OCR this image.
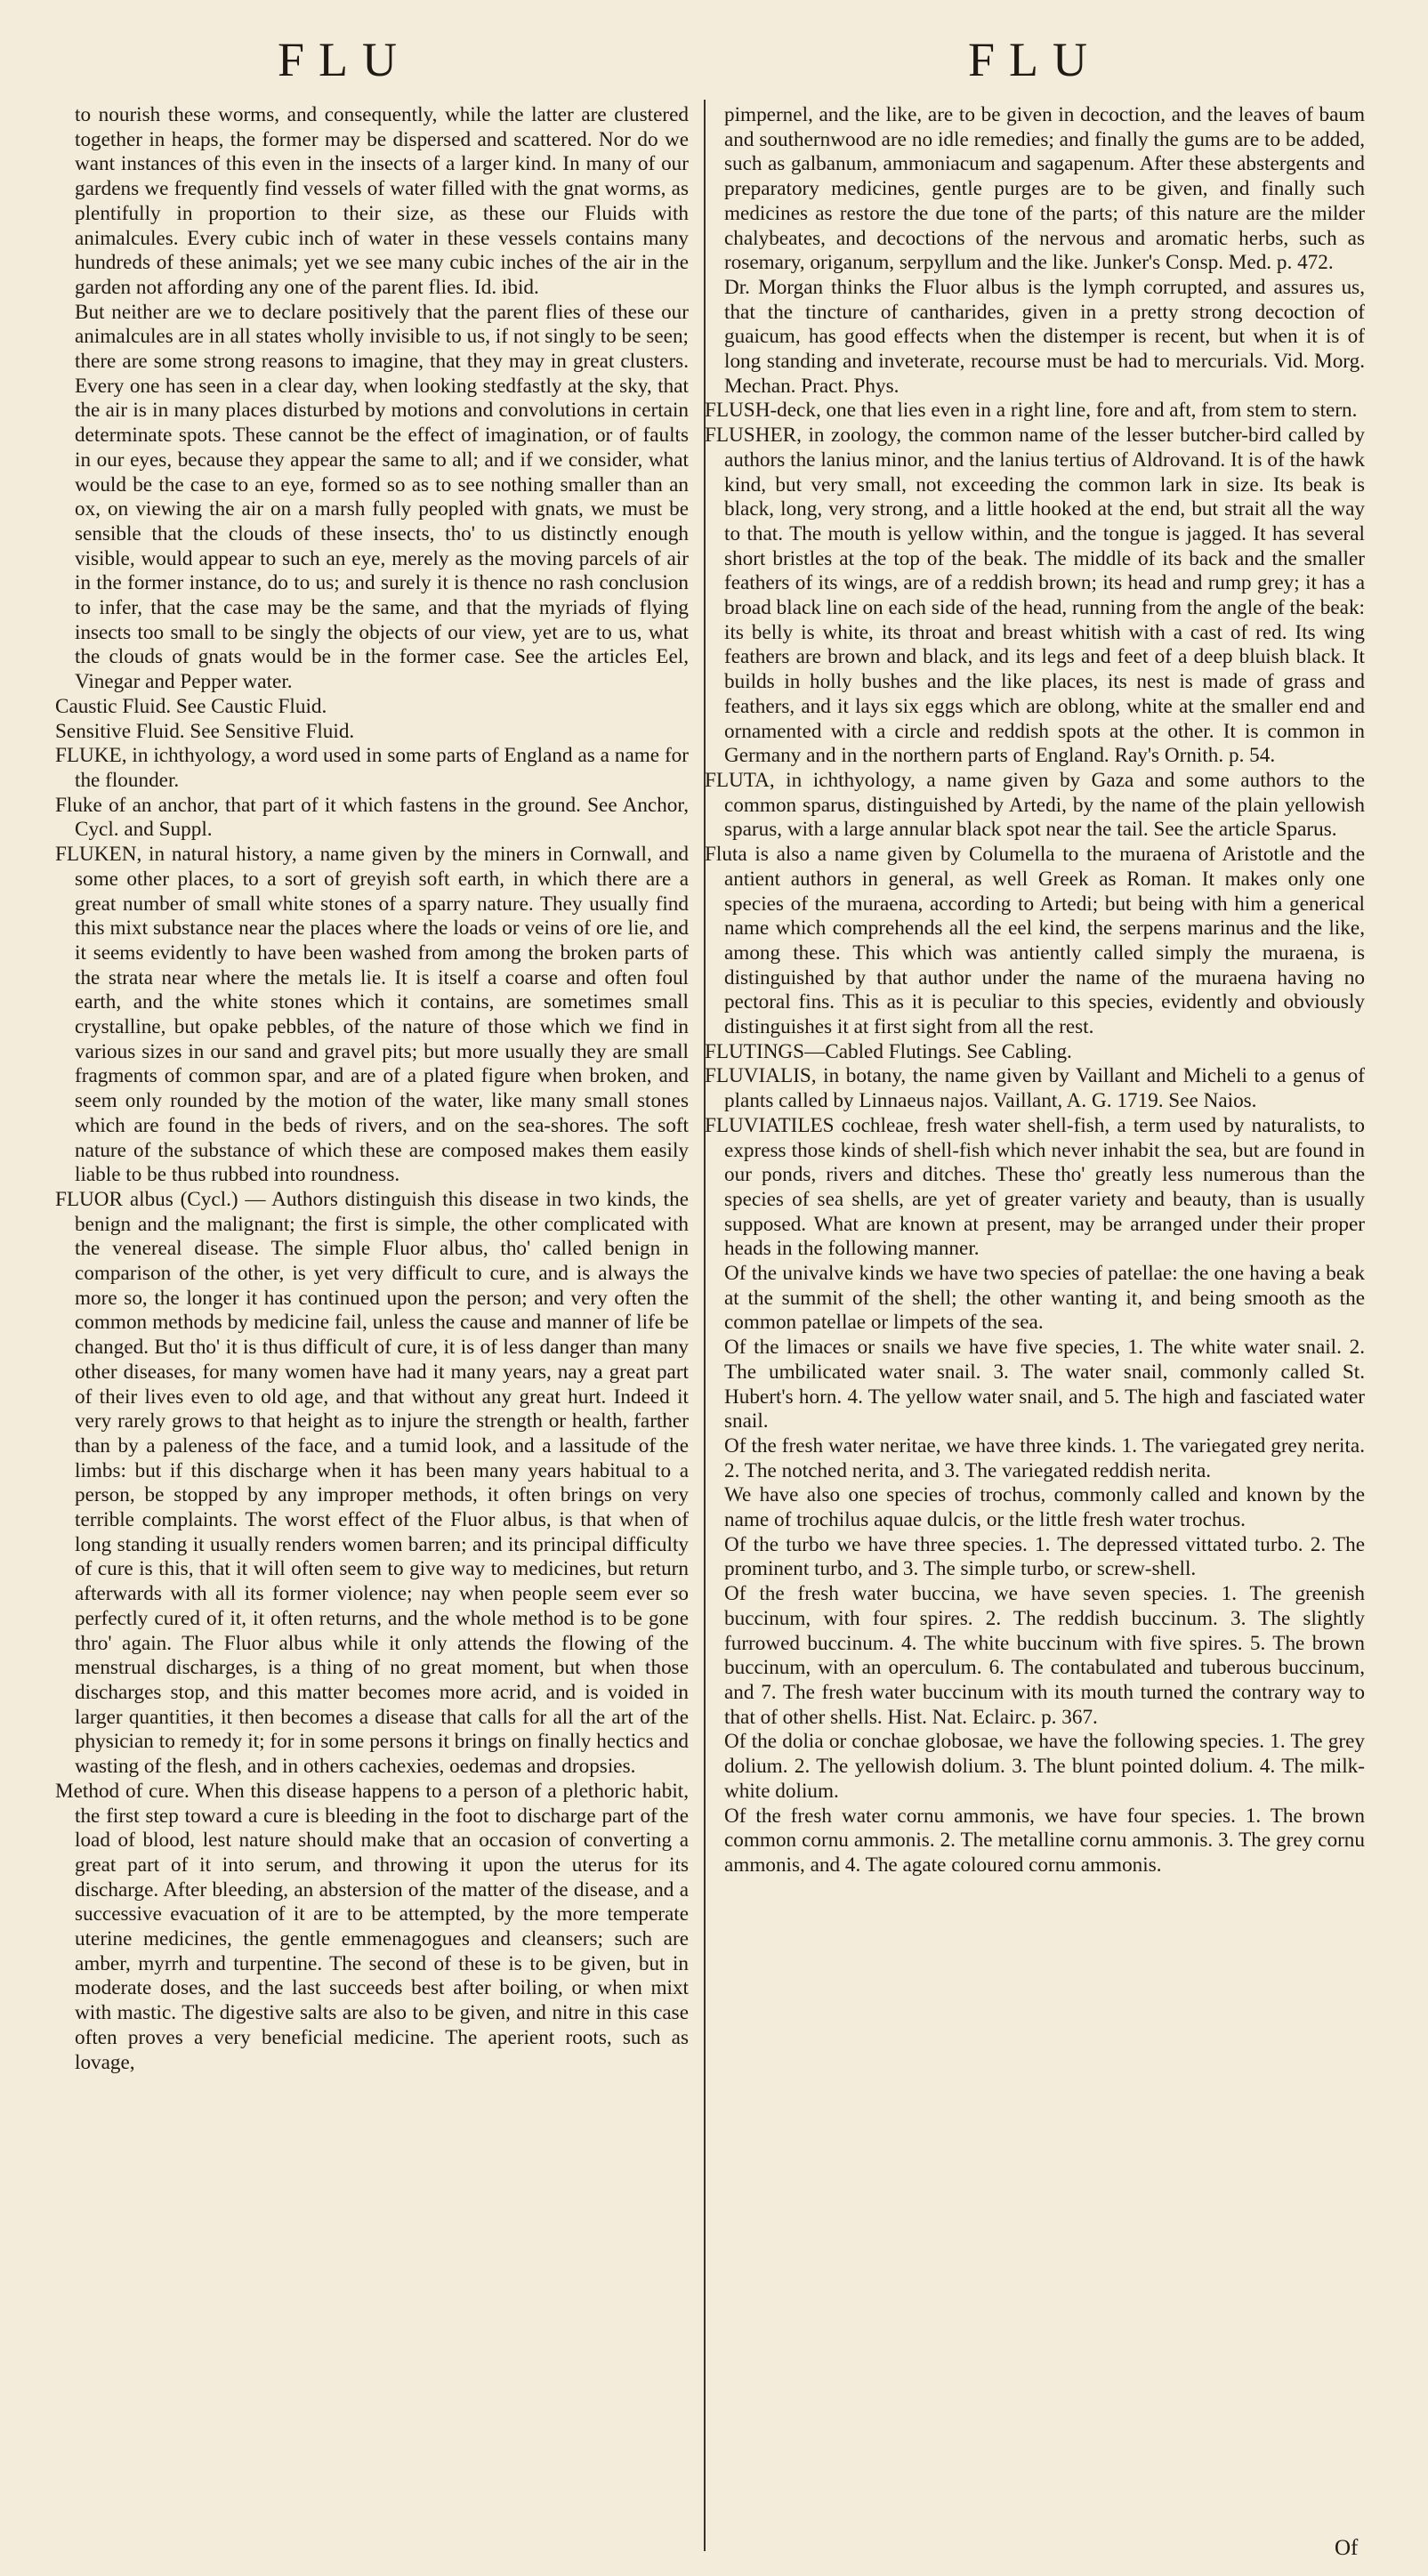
FLU	FLU

to nourish these worms, and consequently, while the latter are clustered together in heaps, the former may be dispersed and scattered. Nor do we want instances of this even in the insects of a larger kind. In many of our gardens we frequently find vessels of water filled with the gnat worms, as plentifully in proportion to their size, as these our Fluids with animalcules. Every cubic inch of water in these vessels contains many hundreds of these animals; yet we see many cubic inches of the air in the garden not affording any one of the parent flies. Id. ibid.

But neither are we to declare positively that the parent flies of these our animalcules are in all states wholly invisible to us, if not singly to be seen; there are some strong reasons to imagine, that they may in great clusters. Every one has seen in a clear day, when looking stedfastly at the sky, that the air is in many places disturbed by motions and convolutions in certain determinate spots. These cannot be the effect of imagination, or of faults in our eyes, because they appear the same to all; and if we consider, what would be the case to an eye, formed so as to see nothing smaller than an ox, on viewing the air on a marsh fully peopled with gnats, we must be sensible that the clouds of these insects, tho' to us distinctly enough visible, would appear to such an eye, merely as the moving parcels of air in the former instance, do to us; and surely it is thence no rash conclusion to infer, that the case may be the same, and that the myriads of flying insects too small to be singly the objects of our view, yet are to us, what the clouds of gnats would be in the former case. See the articles Eel, Vinegar and Pepper water.

Caustic Fluid. See Caustic Fluid.

Sensitive Fluid. See Sensitive Fluid.

FLUKE, in ichthyology, a word used in some parts of England as a name for the flounder.

Fluke of an anchor, that part of it which fastens in the ground. See Anchor, Cycl. and Suppl.

FLUKEN, in natural history, a name given by the miners in Cornwall, and some other places, to a sort of greyish soft earth, in which there are a great number of small white stones of a sparry nature. They usually find this mixt substance near the places where the loads or veins of ore lie, and it seems evidently to have been washed from among the broken parts of the strata near where the metals lie. It is itself a coarse and often foul earth, and the white stones which it contains, are sometimes small crystalline, but opake pebbles, of the nature of those which we find in various sizes in our sand and gravel pits; but more usually they are small fragments of common spar, and are of a plated figure when broken, and seem only rounded by the motion of the water, like many small stones which are found in the beds of rivers, and on the sea-shores. The soft nature of the substance of which these are composed makes them easily liable to be thus rubbed into roundness.

FLUOR albus (Cycl.) — Authors distinguish this disease in two kinds, the benign and the malignant; the first is simple, the other complicated with the venereal disease. The simple Fluor albus, tho' called benign in comparison of the other, is yet very difficult to cure, and is always the more so, the longer it has continued upon the person; and very often the common methods by medicine fail, unless the cause and manner of life be changed. But tho' it is thus difficult of cure, it is of less danger than many other diseases, for many women have had it many years, nay a great part of their lives even to old age, and that without any great hurt. Indeed it very rarely grows to that height as to injure the strength or health, farther than by a paleness of the face, and a tumid look, and a lassitude of the limbs: but if this discharge when it has been many years habitual to a person, be stopped by any improper methods, it often brings on very terrible complaints. The worst effect of the Fluor albus, is that when of long standing it usually renders women barren; and its principal difficulty of cure is this, that it will often seem to give way to medicines, but return afterwards with all its former violence; nay when people seem ever so perfectly cured of it, it often returns, and the whole method is to be gone thro' again. The Fluor albus while it only attends the flowing of the menstrual discharges, is a thing of no great moment, but when those discharges stop, and this matter becomes more acrid, and is voided in larger quantities, it then becomes a disease that calls for all the art of the physician to remedy it; for in some persons it brings on finally hectics and wasting of the flesh, and in others cachexies, oedemas and dropsies.

Method of cure. When this disease happens to a person of a plethoric habit, the first step toward a cure is bleeding in the foot to discharge part of the load of blood, lest nature should make that an occasion of converting a great part of it into serum, and throwing it upon the uterus for its discharge. After bleeding, an abstersion of the matter of the disease, and a successive evacuation of it are to be attempted, by the more temperate uterine medicines, the gentle emmenagogues and cleansers; such are amber, myrrh and turpentine. The second of these is to be given, but in moderate doses, and the last succeeds best after boiling, or when mixt with mastic. The digestive salts are also to be given, and nitre in this case often proves a very beneficial medicine. The aperient roots, such as lovage,

pimpernel, and the like, are to be given in decoction, and the leaves of baum and southernwood are no idle remedies; and finally the gums are to be added, such as galbanum, ammoniacum and sagapenum. After these abstergents and preparatory medicines, gentle purges are to be given, and finally such medicines as restore the due tone of the parts; of this nature are the milder chalybeates, and decoctions of the nervous and aromatic herbs, such as rosemary, origanum, serpyllum and the like. Junker's Consp. Med. p. 472.

Dr. Morgan thinks the Fluor albus is the lymph corrupted, and assures us, that the tincture of cantharides, given in a pretty strong decoction of guaicum, has good effects when the distemper is recent, but when it is of long standing and inveterate, recourse must be had to mercurials. Vid. Morg. Mechan. Pract. Phys.

FLUSH-deck, one that lies even in a right line, fore and aft, from stem to stern.

FLUSHER, in zoology, the common name of the lesser butcher-bird called by authors the lanius minor, and the lanius tertius of Aldrovand. It is of the hawk kind, but very small, not exceeding the common lark in size. Its beak is black, long, very strong, and a little hooked at the end, but strait all the way to that. The mouth is yellow within, and the tongue is jagged. It has several short bristles at the top of the beak. The middle of its back and the smaller feathers of its wings, are of a reddish brown; its head and rump grey; it has a broad black line on each side of the head, running from the angle of the beak: its belly is white, its throat and breast whitish with a cast of red. Its wing feathers are brown and black, and its legs and feet of a deep bluish black. It builds in holly bushes and the like places, its nest is made of grass and feathers, and it lays six eggs which are oblong, white at the smaller end and ornamented with a circle and reddish spots at the other. It is common in Germany and in the northern parts of England. Ray's Ornith. p. 54.

FLUTA, in ichthyology, a name given by Gaza and some authors to the common sparus, distinguished by Artedi, by the name of the plain yellowish sparus, with a large annular black spot near the tail. See the article Sparus.

Fluta is also a name given by Columella to the muraena of Aristotle and the antient authors in general, as well Greek as Roman. It makes only one species of the muraena, according to Artedi; but being with him a generical name which comprehends all the eel kind, the serpens marinus and the like, among these. This which was antiently called simply the muraena, is distinguished by that author under the name of the muraena having no pectoral fins. This as it is peculiar to this species, evidently and obviously distinguishes it at first sight from all the rest.

FLUTINGS—Cabled Flutings. See Cabling.

FLUVIALIS, in botany, the name given by Vaillant and Micheli to a genus of plants called by Linnaeus najos. Vaillant, A. G. 1719. See Naios.

FLUVIATILES cochleae, fresh water shell-fish, a term used by naturalists, to express those kinds of shell-fish which never inhabit the sea, but are found in our ponds, rivers and ditches. These tho' greatly less numerous than the species of sea shells, are yet of greater variety and beauty, than is usually supposed. What are known at present, may be arranged under their proper heads in the following manner.

Of the univalve kinds we have two species of patellae: the one having a beak at the summit of the shell; the other wanting it, and being smooth as the common patellae or limpets of the sea.

Of the limaces or snails we have five species, 1. The white water snail. 2. The umbilicated water snail. 3. The water snail, commonly called St. Hubert's horn. 4. The yellow water snail, and 5. The high and fasciated water snail.

Of the fresh water neritae, we have three kinds. 1. The variegated grey nerita. 2. The notched nerita, and 3. The variegated reddish nerita.

We have also one species of trochus, commonly called and known by the name of trochilus aquae dulcis, or the little fresh water trochus.

Of the turbo we have three species. 1. The depressed vittated turbo. 2. The prominent turbo, and 3. The simple turbo, or screw-shell.

Of the fresh water buccina, we have seven species. 1. The greenish buccinum, with four spires. 2. The reddish buccinum. 3. The slightly furrowed buccinum. 4. The white buccinum with five spires. 5. The brown buccinum, with an operculum. 6. The contabulated and tuberous buccinum, and 7. The fresh water buccinum with its mouth turned the contrary way to that of other shells. Hist. Nat. Eclairc. p. 367.

Of the dolia or conchae globosae, we have the following species. 1. The grey dolium. 2. The yellowish dolium. 3. The blunt pointed dolium. 4. The milk-white dolium.

Of the fresh water cornu ammonis, we have four species. 1. The brown common cornu ammonis. 2. The metalline cornu ammonis. 3. The grey cornu ammonis, and 4. The agate coloured cornu ammonis.

Of
